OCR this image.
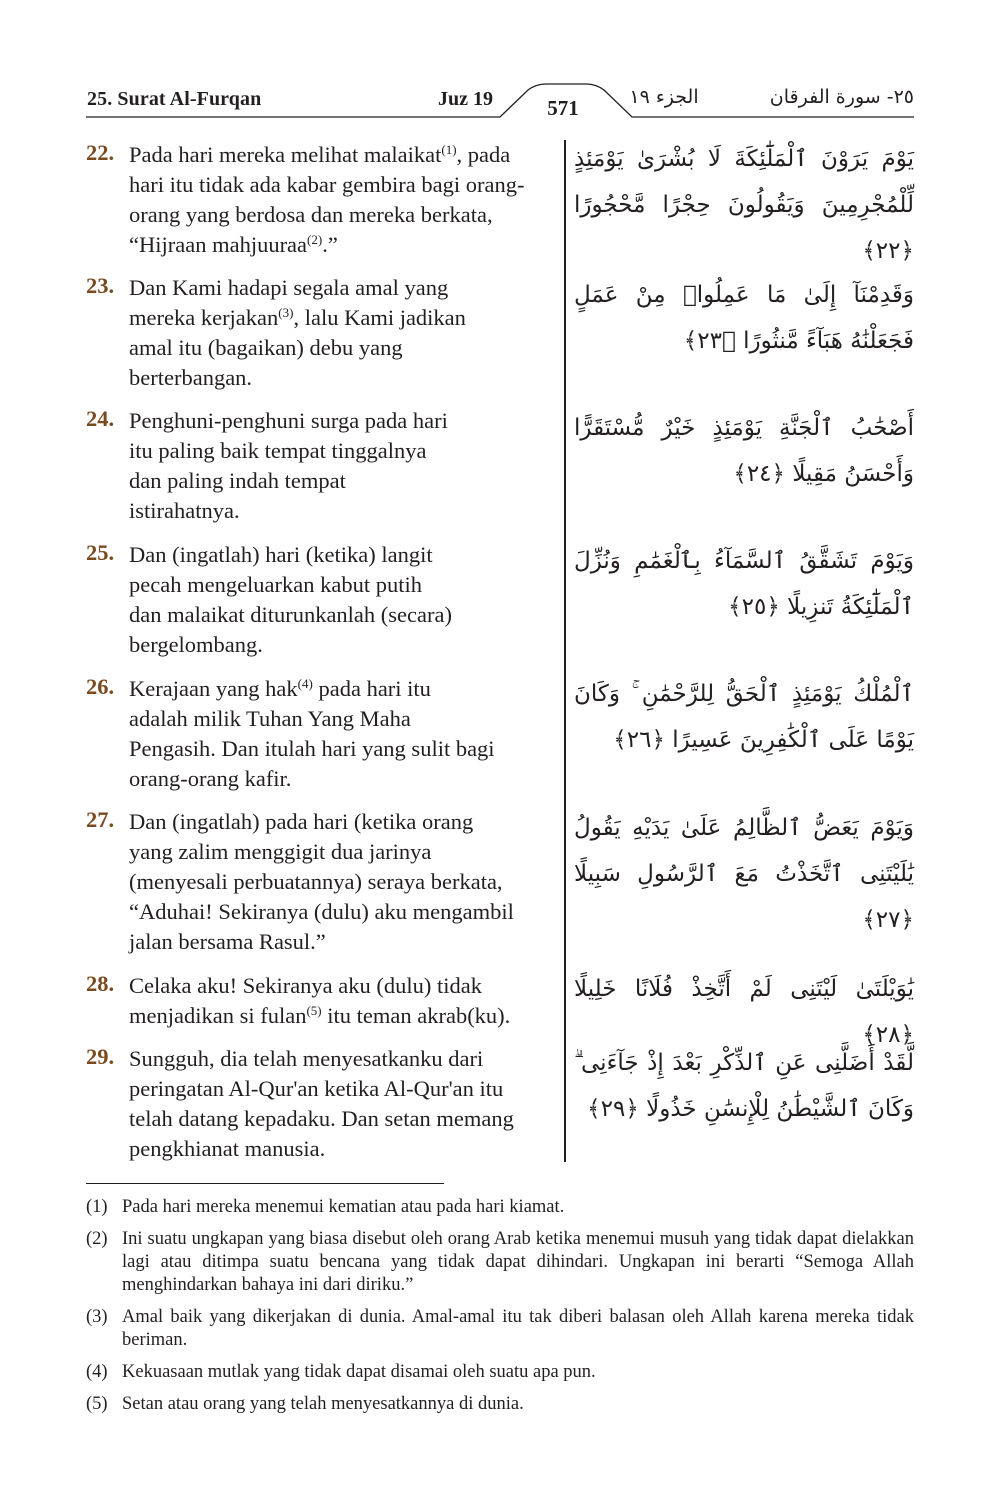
25. Surat Al-Furqan	Juz 19	571	الجزء ١٩	٢٥- سورة الفرقان
22. Pada hari mereka melihat malaikat$^{(1)}$, pada
hari itu tidak ada kabar gembira bagi orang-
orang yang berdosa dan mereka berkata,
“Hijraan mahjuuraa$^{(2)}$.”
يَوْمَ يَرَوْنَ ٱلْمَلَٰٓئِكَةَ لَا بُشْرَىٰ يَوْمَئِذٍ لِّلْمُجْرِمِينَ وَيَقُولُونَ حِجْرًا مَّحْجُورًا ﴿٢٢﴾
23. Dan Kami hadapi segala amal yang
mereka kerjakan$^{(3)}$, lalu Kami jadikan
amal itu (bagaikan) debu yang
berterbangan.
وَقَدِمْنَآ إِلَىٰ مَا عَمِلُوا۟ مِنْ عَمَلٍ فَجَعَلْنَٰهُ هَبَآءً مَّنثُورًا ﴿٢٣﴾
24. Penghuni-penghuni surga pada hari
itu paling baik tempat tinggalnya
dan paling indah tempat
istirahatnya.
أَصْحَٰبُ ٱلْجَنَّةِ يَوْمَئِذٍ خَيْرٌ مُّسْتَقَرًّا وَأَحْسَنُ مَقِيلًا ﴿٢٤﴾
25. Dan (ingatlah) hari (ketika) langit
pecah mengeluarkan kabut putih
dan malaikat diturunkanlah (secara)
bergelombang.
وَيَوْمَ تَشَقَّقُ ٱلسَّمَآءُ بِٱلْغَمَٰمِ وَنُزِّلَ ٱلْمَلَٰٓئِكَةُ تَنزِيلًا ﴿٢٥﴾
26. Kerajaan yang hak$^{(4)}$ pada hari itu
adalah milik Tuhan Yang Maha
Pengasih. Dan itulah hari yang sulit bagi
orang-orang kafir.
ٱلْمُلْكُ يَوْمَئِذٍ ٱلْحَقُّ لِلرَّحْمَٰنِ ۚ وَكَانَ يَوْمًا عَلَى ٱلْكَٰفِرِينَ عَسِيرًا ﴿٢٦﴾
27. Dan (ingatlah) pada hari (ketika orang
yang zalim menggigit dua jarinya
(menyesali perbuatannya) seraya berkata,
“Aduhai! Sekiranya (dulu) aku mengambil
jalan bersama Rasul.”
وَيَوْمَ يَعَضُّ ٱلظَّالِمُ عَلَىٰ يَدَيْهِ يَقُولُ يَٰلَيْتَنِى ٱتَّخَذْتُ مَعَ ٱلرَّسُولِ سَبِيلًا ﴿٢٧﴾
28. Celaka aku! Sekiranya aku (dulu) tidak
menjadikan si fulan$^{(5)}$ itu teman akrab(ku).
يَٰوَيْلَتَىٰ لَيْتَنِى لَمْ أَتَّخِذْ فُلَانًا خَلِيلًا ﴿٢٨﴾
29. Sungguh, dia telah menyesatkanku dari
peringatan Al-Qur'an ketika Al-Qur'an itu
telah datang kepadaku. Dan setan memang
pengkhianat manusia.
لَّقَدْ أَضَلَّنِى عَنِ ٱلذِّكْرِ بَعْدَ إِذْ جَآءَنِى ۗ وَكَانَ ٱلشَّيْطَٰنُ لِلْإِنسَٰنِ خَذُولًا ﴿٢٩﴾
(1) Pada hari mereka menemui kematian atau pada hari kiamat.
(2) Ini suatu ungkapan yang biasa disebut oleh orang Arab ketika menemui musuh yang tidak dapat dielakkan lagi atau ditimpa suatu bencana yang tidak dapat dihindari. Ungkapan ini berarti “Semoga Allah menghindarkan bahaya ini dari diriku.”
(3) Amal baik yang dikerjakan di dunia. Amal-amal itu tak diberi balasan oleh Allah karena mereka tidak beriman.
(4) Kekuasaan mutlak yang tidak dapat disamai oleh suatu apa pun.
(5) Setan atau orang yang telah menyesatkannya di dunia.
